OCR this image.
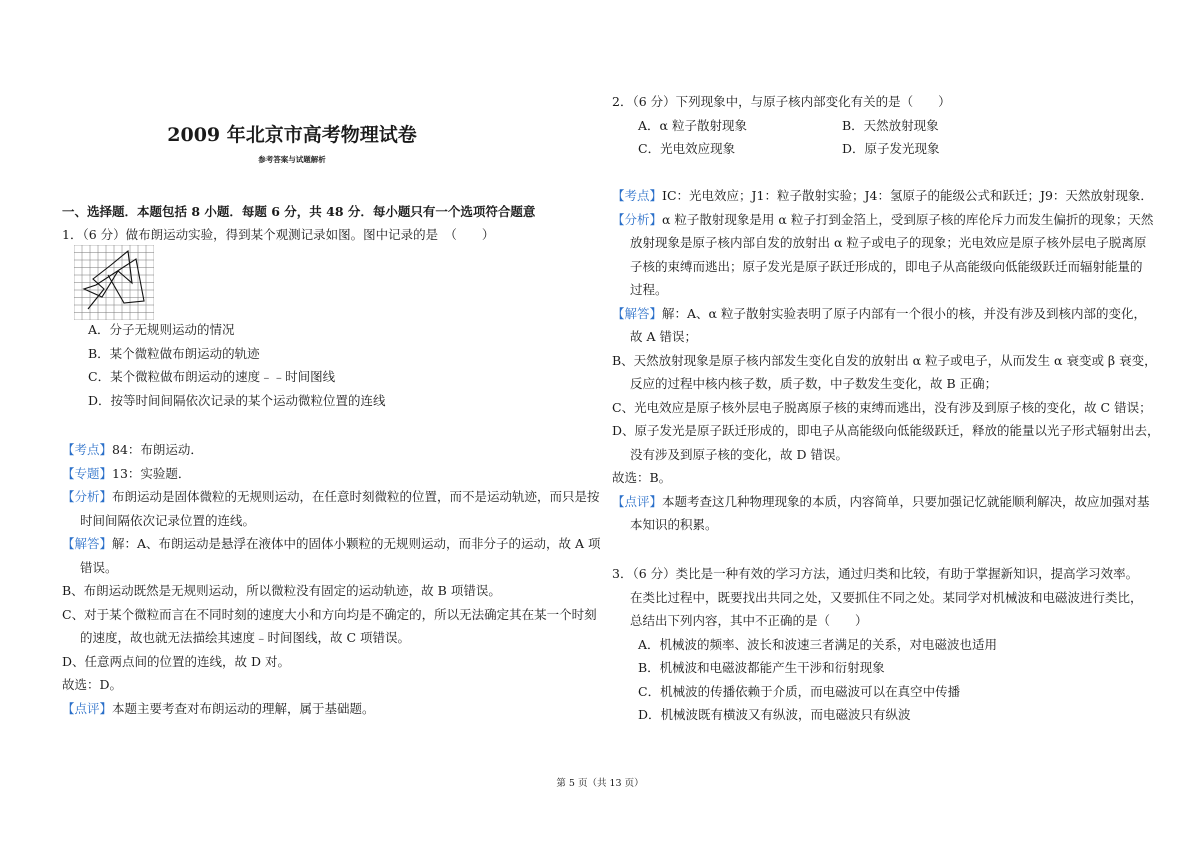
2009 年北京市高考物理试卷
参考答案与试题解析
一、选择题．本题包括 8 小题．每题 6 分，共 48 分．每小题只有一个选项符合题意
1．（6 分）做布朗运动实验，得到某个观测记录如图。图中记录的是　（　　）
A．分子无规则运动的情况
B．某个微粒做布朗运动的轨迹
C．某个微粒做布朗运动的速度﹣﹣时间图线
D．按等时间间隔依次记录的某个运动微粒位置的连线
【考点】84：布朗运动．
【专题】13：实验题．
【分析】布朗运动是固体微粒的无规则运动，在任意时刻微粒的位置，而不是运动轨迹，而只是按
时间间隔依次记录位置的连线。
【解答】解：A、布朗运动是悬浮在液体中的固体小颗粒的无规则运动，而非分子的运动，故 A 项
错误。
B、布朗运动既然是无规则运动，所以微粒没有固定的运动轨迹，故 B 项错误。
C、对于某个微粒而言在不同时刻的速度大小和方向均是不确定的，所以无法确定其在某一个时刻
的速度，故也就无法描绘其速度﹣时间图线，故 C 项错误。
D、任意两点间的位置的连线，故 D 对。
故选：D。
【点评】本题主要考查对布朗运动的理解，属于基础题。
2．（6 分）下列现象中，与原子核内部变化有关的是（　　）
A．α 粒子散射现象	B．天然放射现象
C．光电效应现象	D．原子发光现象
【考点】IC：光电效应；J1：粒子散射实验；J4：氢原子的能级公式和跃迁；J9：天然放射现象．
【分析】α 粒子散射现象是用 α 粒子打到金箔上，受到原子核的库伦斥力而发生偏折的现象；天然
放射现象是原子核内部自发的放射出 α 粒子或电子的现象；光电效应是原子核外层电子脱离原
子核的束缚而逃出；原子发光是原子跃迁形成的，即电子从高能级向低能级跃迁而辐射能量的
过程。
【解答】解：A、α 粒子散射实验表明了原子内部有一个很小的核，并没有涉及到核内部的变化，
故 A 错误；
B、天然放射现象是原子核内部发生变化自发的放射出 α 粒子或电子，从而发生 α 衰变或 β 衰变，
反应的过程中核内核子数，质子数，中子数发生变化，故 B 正确；
C、光电效应是原子核外层电子脱离原子核的束缚而逃出，没有涉及到原子核的变化，故 C 错误；
D、原子发光是原子跃迁形成的，即电子从高能级向低能级跃迁，释放的能量以光子形式辐射出去，
没有涉及到原子核的变化，故 D 错误。
故选：B。
【点评】本题考查这几种物理现象的本质，内容简单，只要加强记忆就能顺利解决，故应加强对基
本知识的积累。
3．（6 分）类比是一种有效的学习方法，通过归类和比较，有助于掌握新知识，提高学习效率。
在类比过程中，既要找出共同之处，又要抓住不同之处。某同学对机械波和电磁波进行类比，
总结出下列内容，其中不正确的是（　　）
A．机械波的频率、波长和波速三者满足的关系，对电磁波也适用
B．机械波和电磁波都能产生干涉和衍射现象
C．机械波的传播依赖于介质，而电磁波可以在真空中传播
D．机械波既有横波又有纵波，而电磁波只有纵波
第 5 页（共 13 页）
